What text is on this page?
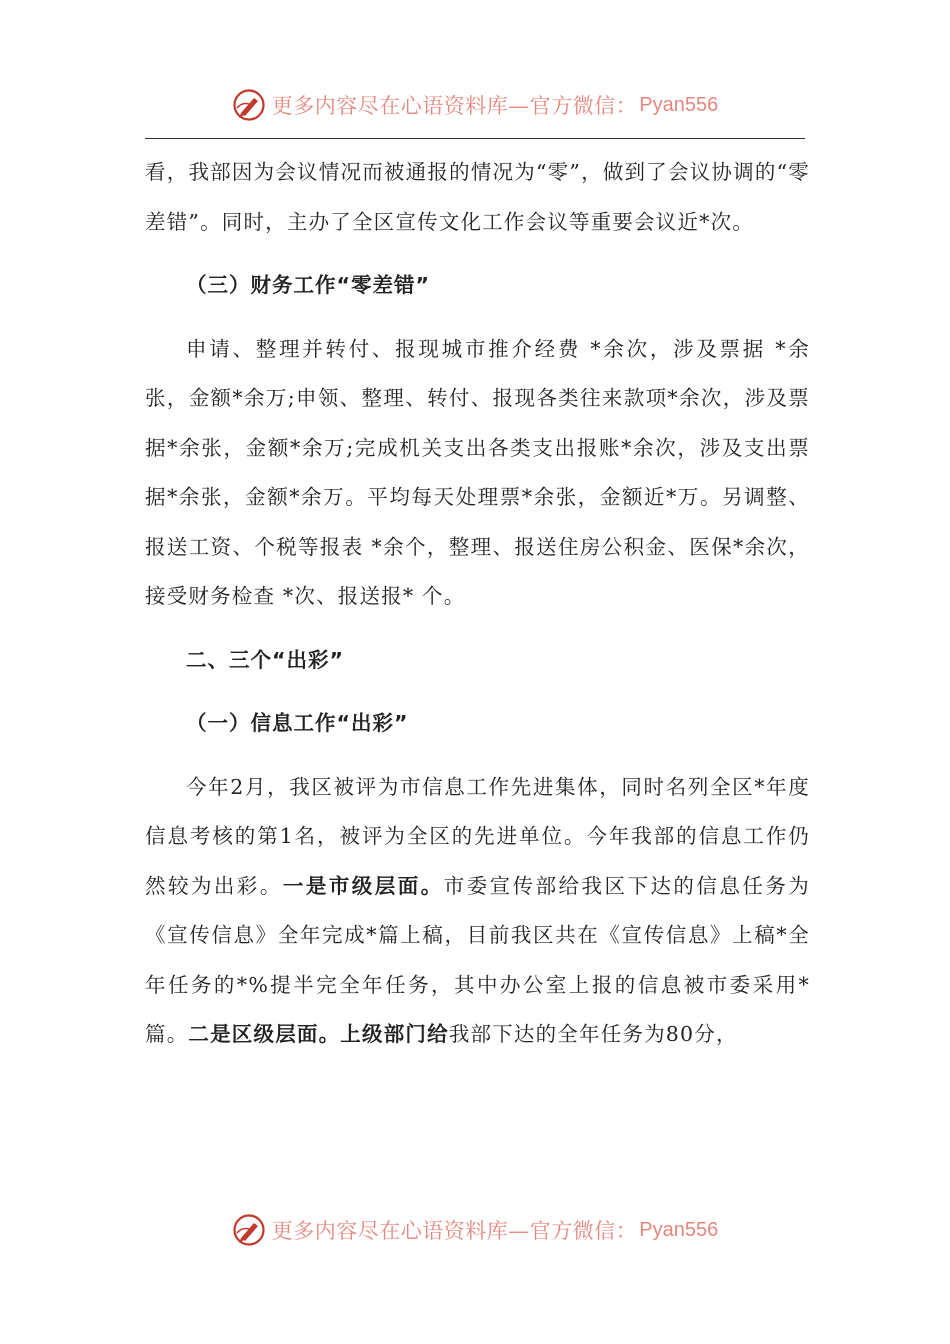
更多内容尽在心语资料库—官方微信： Pyan556

看，我部因为会议情况而被通报的情况为“零”，做到了会议协调的“零差错”。同时，主办了全区宣传文化工作会议等重要会议近*次。

（三）财务工作“零差错”

申请、整理并转付、报现城市推介经费 *余次，涉及票据 *余张，金额*余万;申领、整理、转付、报现各类往来款项*余次，涉及票据*余张，金额*余万;完成机关支出各类支出报账*余次，涉及支出票据*余张，金额*余万。平均每天处理票*余张，金额近*万。另调整、报送工资、个税等报表 *余个，整理、报送住房公积金、医保*余次，接受财务检查 *次、报送报* 个。

二、三个“出彩”

（一）信息工作“出彩”

今年2月，我区被评为市信息工作先进集体，同时名列全区*年度信息考核的第1名，被评为全区的先进单位。今年我部的信息工作仍然较为出彩。一是市级层面。市委宣传部给我区下达的信息任务为《宣传信息》全年完成*篇上稿，目前我区共在《宣传信息》上稿*全年任务的*%提半完全年任务，其中办公室上报的信息被市委采用*篇。二是区级层面。上级部门给我部下达的全年任务为80分，

更多内容尽在心语资料库—官方微信： Pyan556
